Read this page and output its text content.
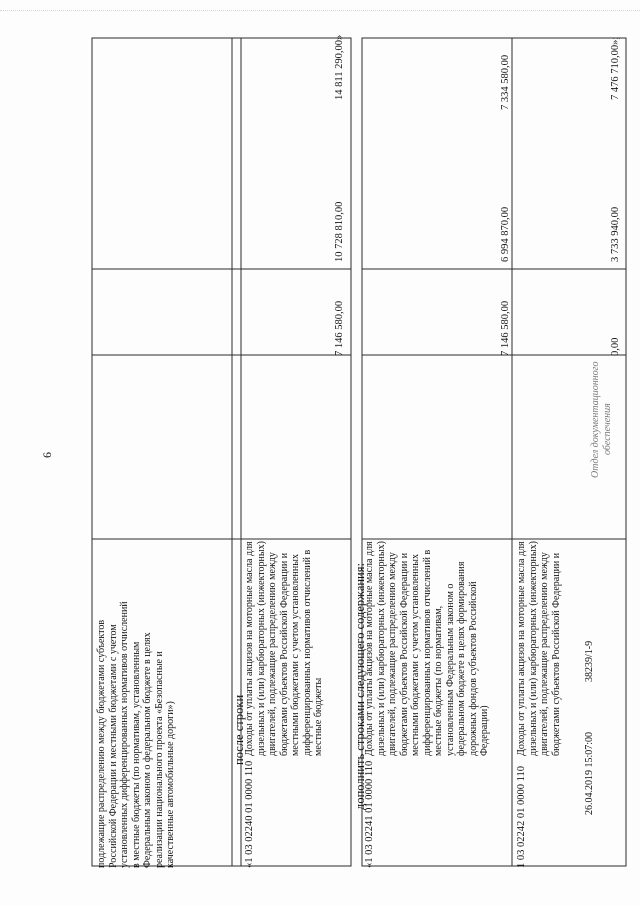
подлежащие распределению между бюджетами субъектов Российской Федерации и местными бюджетами с учетом установленных дифференцированных нормативов отчислений в местные бюджеты (по нормативам, установленным Федеральным законом о федеральном бюджете в целях реализации национального проекта «Безопасные и качественные автомобильные дороги»)	«1 03 02240 01 0000 110
Доходы от уплаты акцизов на моторные масла для дизельных и (или) карбюраторных (инжекторных) двигателей, подлежащие распределению между бюджетами субъектов Российской Федерации и местными бюджетами с учетом установленных дифференцированных нормативов отчислений в местные бюджеты
«1 03 02241 01 0000 110
Доходы от уплаты акцизов на моторные масла для дизельных и (или) карбюраторных (инжекторных) двигателей, подлежащие распределению между бюджетами субъектов Российской Федерации и местными бюджетами с учетом установленных дифференцированных нормативов отчислений в местные бюджеты (по нормативам, установленным Федеральным законом о федеральном бюджете в целях формирования дорожных фондов субъектов Российской Федерации)
1 03 02242 01 0000 110
Доходы от уплаты акцизов на моторные масла для дизельных и (или) карбюраторных (инжекторных) двигателей, подлежащие распределению между бюджетами субъектов Российской Федерации и
после строки	дополнить строками следующего содержания:
7 146 580,00
10 728 810,00
14 811 290,00»
7 146 580,00
6 994 870,00
7 334 580,00
0,00
3 733 940,00
7 476 710,00»;
6
26.04.2019 15:07:00
38239/1-9
Отдел документационного обеспечения
